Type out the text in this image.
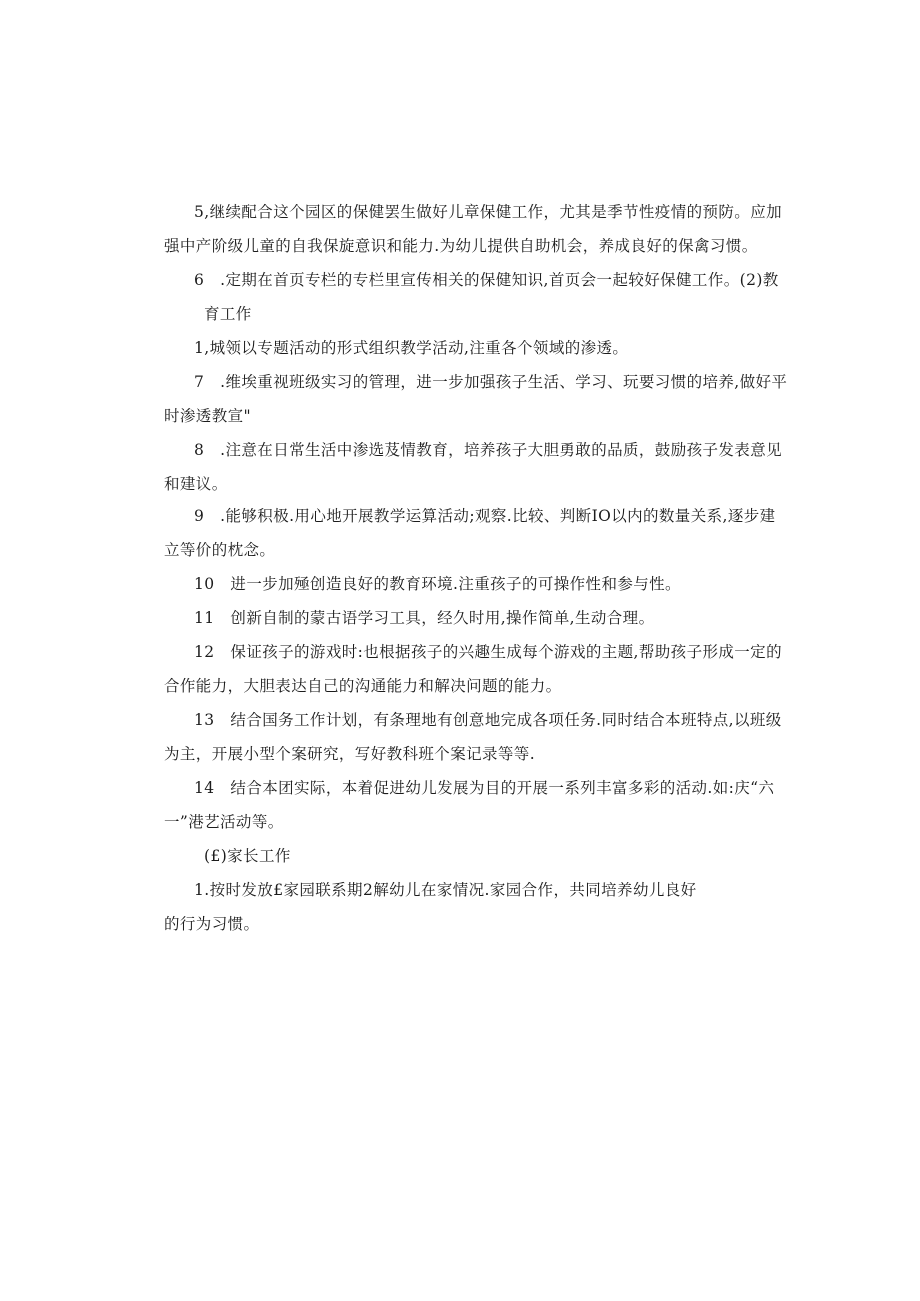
5,继续配合这个园区的保健罢生做好儿章保健工作，尤其是季节性疫情的预防。应加
强中产阶级儿童的自我保旋意识和能力.为幼儿提供自助机会，养成良好的保禽习惯。
6　.定期在首页专栏的专栏里宣传相关的保健知识,首页会一起较好保健工作。(2)教
育工作
1,城领以专题活动的形式组织教学活动,注重各个领域的渗透。
7　.维埃重视班级实习的管理，进一步加强孩子生活、学习、玩要习惯的培养,做好平
时渗透教宣"
8　.注意在日常生活中渗选芨情教育，培养孩子大胆勇敢的品质，鼓励孩子发表意见
和建议。
9　.能够积极.用心地开展教学运算活动;观察.比较、判断IO以内的数量关系,逐步建
立等价的枕念。
10　进一步加殛创造良好的教育环境.注重孩子的可操作性和参与性。
11　创新自制的蒙古语学习工具，经久时用,操作简单,生动合理。
12　保证孩子的游戏时:也根据孩子的兴趣生成每个游戏的主题,帮助孩子形成一定的
合作能力，大胆表达自己的沟通能力和解决问题的能力。
13　结合国务工作计划，有条理地有创意地完成各项任务.同时结合本班特点,以班级
为主，开展小型个案研究，写好教科班个案记录等等.
14　结合本团实际，本着促进幼儿发展为目的开展一系列丰富多彩的活动.如:庆“六
一”港艺活动等。
(£)家长工作
1.按时发放£家园联系期2解幼儿在家情况.家园合作，共同培养幼儿良好
的行为习惯。
